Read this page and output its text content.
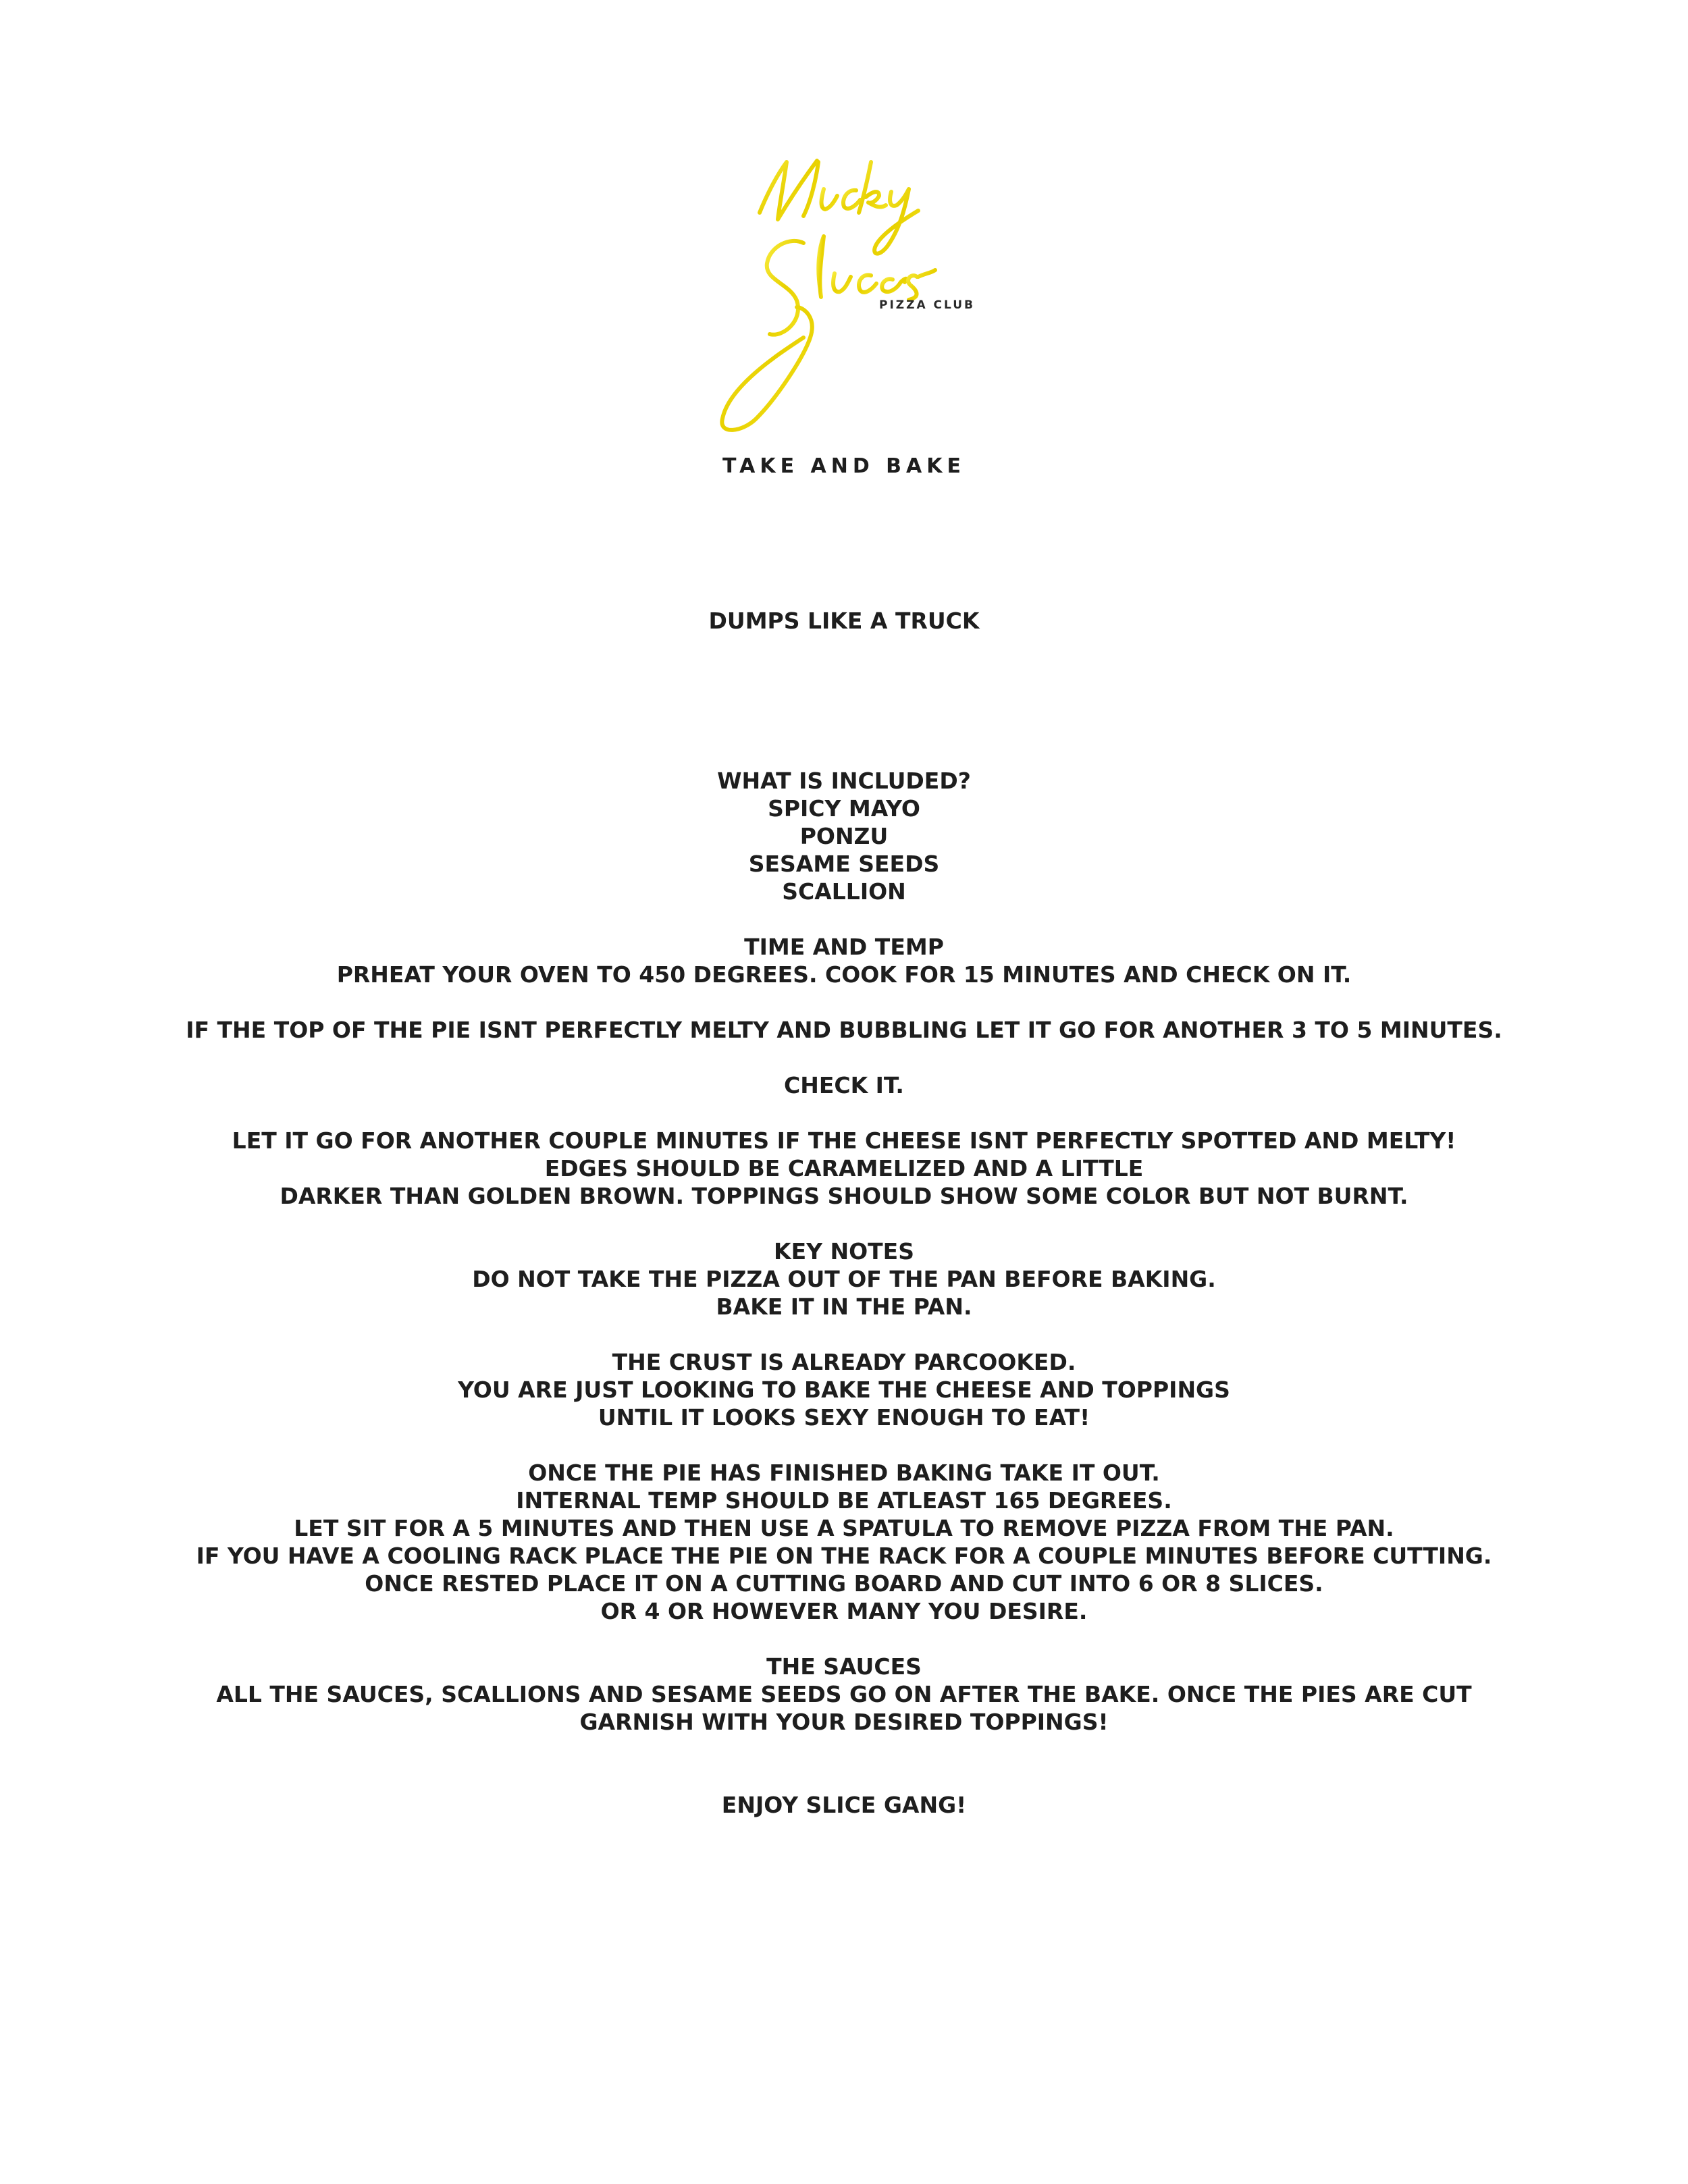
PIZZA CLUB
TAKE AND BAKE
DUMPS LIKE A TRUCK
WHAT IS INCLUDED?
SPICY MAYO
PONZU
SESAME SEEDS
SCALLION
TIME AND TEMP
PRHEAT YOUR OVEN TO 450 DEGREES. COOK FOR 15 MINUTES AND CHECK ON IT.
IF THE TOP OF THE PIE ISNT PERFECTLY MELTY AND BUBBLING LET IT GO FOR ANOTHER 3 TO 5 MINUTES.
CHECK IT.
LET IT GO FOR ANOTHER COUPLE MINUTES IF THE CHEESE ISNT PERFECTLY SPOTTED AND MELTY!
EDGES SHOULD BE CARAMELIZED AND A LITTLE
DARKER THAN GOLDEN BROWN. TOPPINGS SHOULD SHOW SOME COLOR BUT NOT BURNT.
KEY NOTES
DO NOT TAKE THE PIZZA OUT OF THE PAN BEFORE BAKING.
BAKE IT IN THE PAN.
THE CRUST IS ALREADY PARCOOKED.
YOU ARE JUST LOOKING TO BAKE THE CHEESE AND TOPPINGS
UNTIL IT LOOKS SEXY ENOUGH TO EAT!
ONCE THE PIE HAS FINISHED BAKING TAKE IT OUT.
INTERNAL TEMP SHOULD BE ATLEAST 165 DEGREES.
LET SIT FOR A 5 MINUTES AND THEN USE A SPATULA TO REMOVE PIZZA FROM THE PAN.
IF YOU HAVE A COOLING RACK PLACE THE PIE ON THE RACK FOR A COUPLE MINUTES BEFORE CUTTING.
ONCE RESTED PLACE IT ON A CUTTING BOARD AND CUT INTO 6 OR 8 SLICES.
OR 4 OR HOWEVER MANY YOU DESIRE.
THE SAUCES
ALL THE SAUCES, SCALLIONS AND SESAME SEEDS GO ON AFTER THE BAKE. ONCE THE PIES ARE CUT
GARNISH WITH YOUR DESIRED TOPPINGS!
ENJOY SLICE GANG!
